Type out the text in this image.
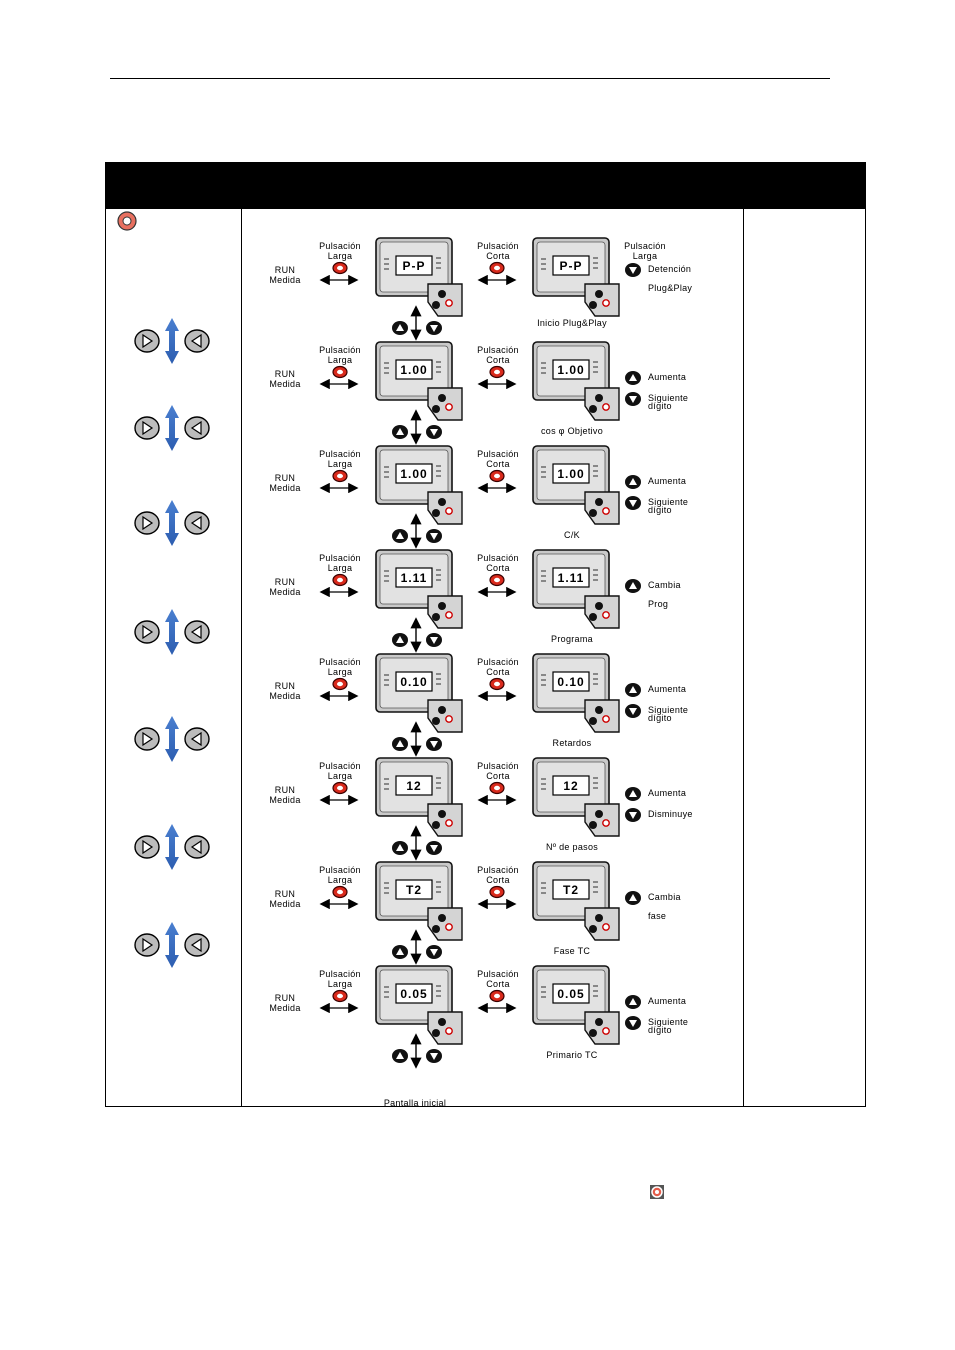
P-P	P-P
1.00	1.00
1.00	1.00
1.11	1.11
0.10	0.10
12	12
T2	T2
0.05	0.05
RUN
Medida
Pulsación
Larga
Pulsación
Corta
Inicio Plug&Play
Pulsación
Larga
Detención
Plug&Play
RUN
Medida
Pulsación
Larga
Pulsación
Corta
cos φ Objetivo
Aumenta
Siguiente
dígito
RUN
Medida
Pulsación
Larga
Pulsación
Corta
C/K
Aumenta
Siguiente
dígito
RUN
Medida
Pulsación
Larga
Pulsación
Corta
Programa
Cambia
Prog
RUN
Medida
Pulsación
Larga
Pulsación
Corta
Retardos
Aumenta
Siguiente
dígito
RUN
Medida
Pulsación
Larga
Pulsación
Corta
Nº de pasos
Aumenta
Disminuye
RUN
Medida
Pulsación
Larga
Pulsación
Corta
Fase TC
Cambia
fase
RUN
Medida
Pulsación
Larga
Pulsación
Corta
Primario TC
Aumenta
Siguiente
dígito
Pantalla inicial
